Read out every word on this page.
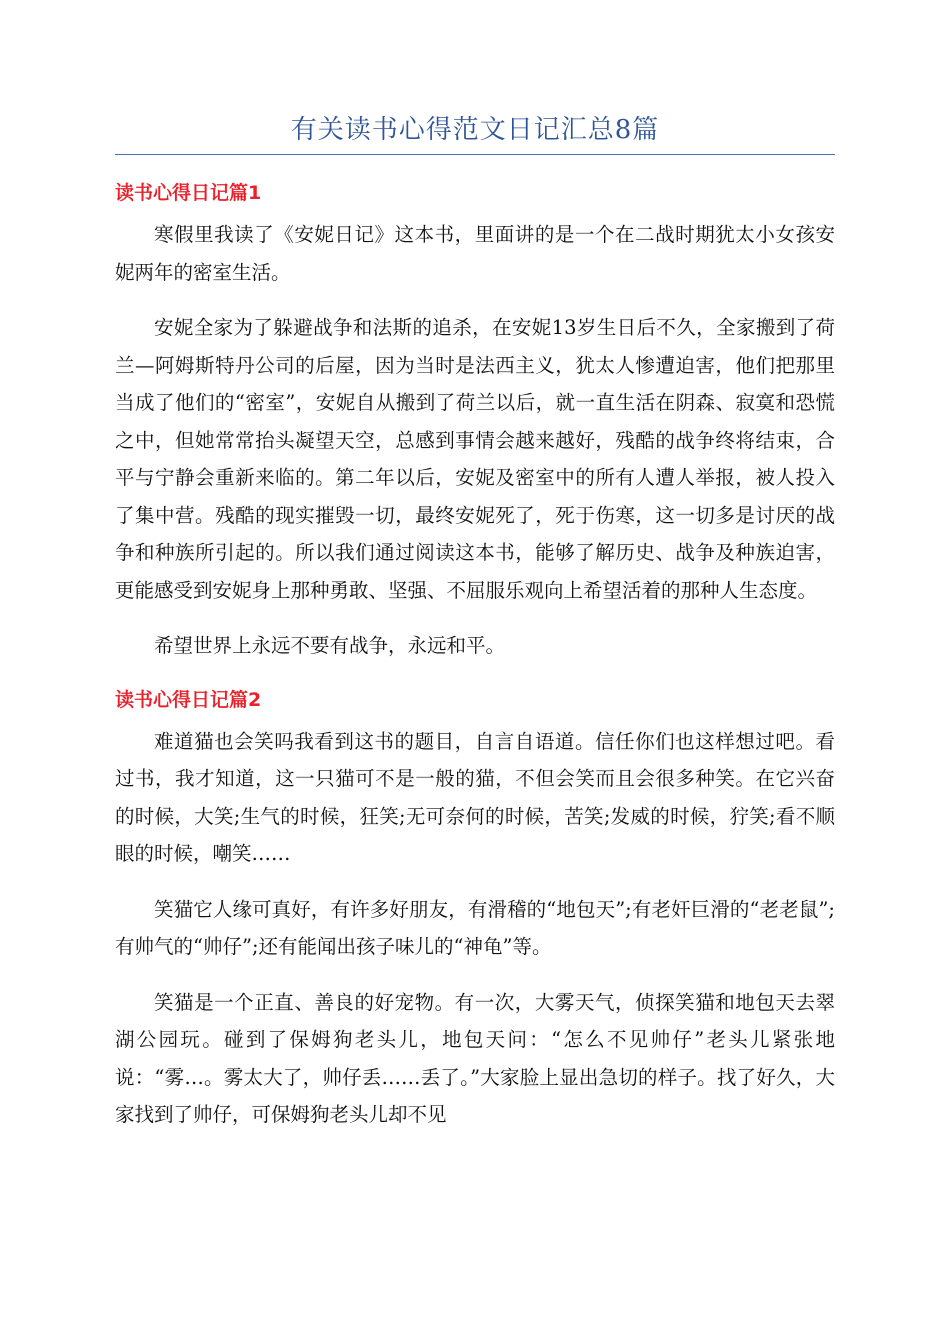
有关读书心得范文日记汇总8篇
读书心得日记篇1

寒假里我读了《安妮日记》这本书，里面讲的是一个在二战时期犹太小女孩安妮两年的密室生活。

安妮全家为了躲避战争和法斯的追杀，在安妮13岁生日后不久，全家搬到了荷兰—阿姆斯特丹公司的后屋，因为当时是法西主义，犹太人惨遭迫害，他们把那里当成了他们的“密室”，安妮自从搬到了荷兰以后，就一直生活在阴森、寂寞和恐慌之中，但她常常抬头凝望天空，总感到事情会越来越好，残酷的战争终将结束，合平与宁静会重新来临的。第二年以后，安妮及密室中的所有人遭人举报，被人投入了集中营。残酷的现实摧毁一切，最终安妮死了，死于伤寒，这一切多是讨厌的战争和种族所引起的。所以我们通过阅读这本书，能够了解历史、战争及种族迫害，更能感受到安妮身上那种勇敢、坚强、不屈服乐观向上希望活着的那种人生态度。

希望世界上永远不要有战争，永远和平。

读书心得日记篇2

难道猫也会笑吗我看到这书的题目，自言自语道。信任你们也这样想过吧。看过书，我才知道，这一只猫可不是一般的猫，不但会笑而且会很多种笑。在它兴奋的时候，大笑;生气的时候，狂笑;无可奈何的时候，苦笑;发威的时候，狞笑;看不顺眼的时候，嘲笑……

笑猫它人缘可真好，有许多好朋友，有滑稽的“地包天”;有老奸巨滑的“老老鼠”;有帅气的“帅仔”;还有能闻出孩子味儿的“神龟”等。

笑猫是一个正直、善良的好宠物。有一次，大雾天气，侦探笑猫和地包天去翠湖公园玩。碰到了保姆狗老头儿，地包天问：“怎么不见帅仔”老头儿紧张地说：“雾…。雾太大了，帅仔丢……丢了。”大家脸上显出急切的样子。找了好久，大家找到了帅仔，可保姆狗老头儿却不见
